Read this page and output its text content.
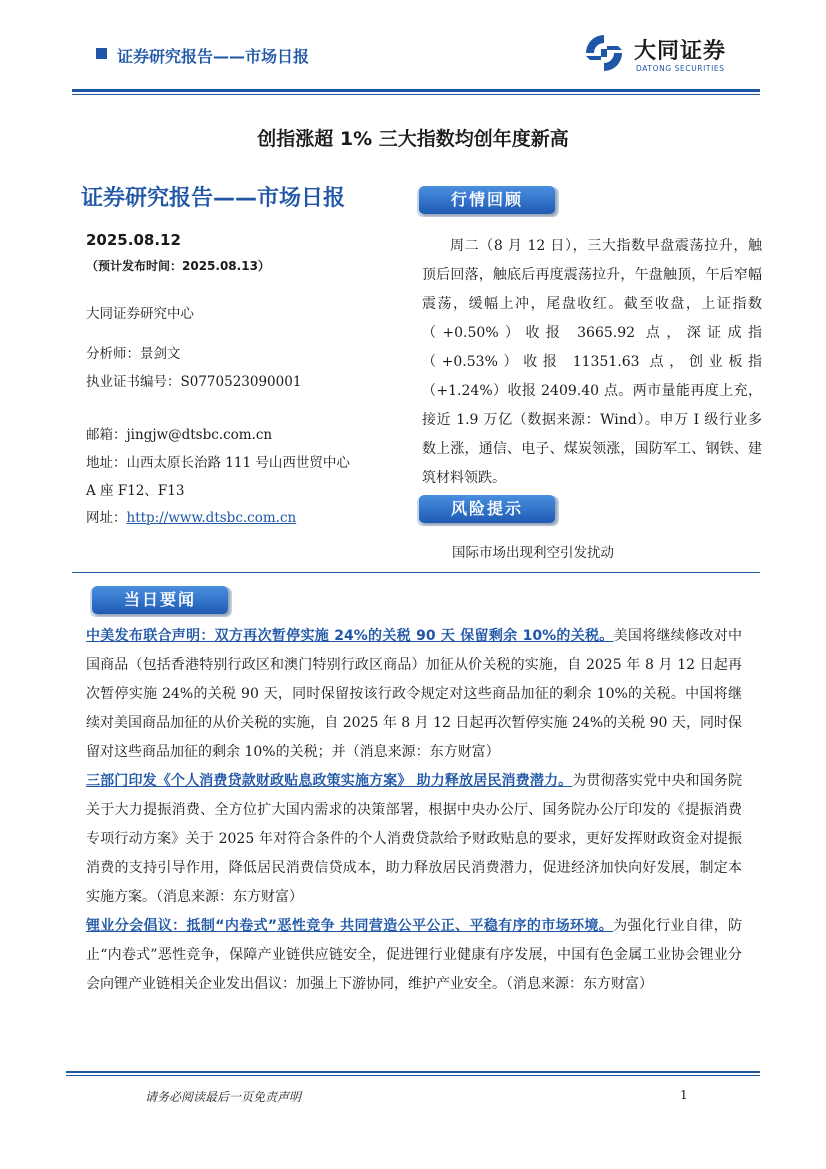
证券研究报告——市场日报	大同证券
DATONG SECURITIES
创指涨超 1% 三大指数均创年度新高
证券研究报告——市场日报
2025.08.12
（预计发布时间：2025.08.13）
大同证券研究中心
分析师：景剑文
执业证书编号：S0770523090001
邮箱：jingjw@dtsbc.com.cn
地址：山西太原长治路 111 号山西世贸中心
A 座 F12、F13
网址：http://www.dtsbc.com.cn
行情回顾

周二（8 月 12 日），三大指数早盘震荡拉升，触顶后回落，触底后再度震荡拉升，午盘触顶，午后窄幅震荡，缓幅上冲，尾盘收红。截至收盘，上证指数（+0.50%）收报 3665.92 点，深证成指（+0.53%）收报 11351.63 点，创业板指（+1.24%）收报 2409.40 点。两市量能再度上充，接近 1.9 万亿（数据来源：Wind）。申万 I 级行业多数上涨，通信、电子、煤炭领涨，国防军工、钢铁、建筑材料领跌。

风险提示
国际市场出现利空引发扰动
当日要闻

中美发布联合声明：双方再次暂停实施 24%的关税 90 天 保留剩余 10%的关税。美国将继续修改对中国商品（包括香港特别行政区和澳门特别行政区商品）加征从价关税的实施，自 2025 年 8 月 12 日起再次暂停实施 24%的关税 90 天，同时保留按该行政令规定对这些商品加征的剩余 10%的关税。中国将继续对美国商品加征的从价关税的实施，自 2025 年 8 月 12 日起再次暂停实施 24%的关税 90 天，同时保留对这些商品加征的剩余 10%的关税；并（消息来源：东方财富）

三部门印发《个人消费贷款财政贴息政策实施方案》 助力释放居民消费潜力。为贯彻落实党中央和国务院关于大力提振消费、全方位扩大国内需求的决策部署，根据中央办公厅、国务院办公厅印发的《提振消费专项行动方案》关于 2025 年对符合条件的个人消费贷款给予财政贴息的要求，更好发挥财政资金对提振消费的支持引导作用，降低居民消费信贷成本，助力释放居民消费潜力，促进经济加快向好发展，制定本实施方案。（消息来源：东方财富）

锂业分会倡议：抵制“内卷式”恶性竞争 共同营造公平公正、平稳有序的市场环境。为强化行业自律，防止“内卷式”恶性竞争，保障产业链供应链安全，促进锂行业健康有序发展，中国有色金属工业协会锂业分会向锂产业链相关企业发出倡议：加强上下游协同，维护产业安全。（消息来源：东方财富）

请务必阅读最后一页免责声明	1
